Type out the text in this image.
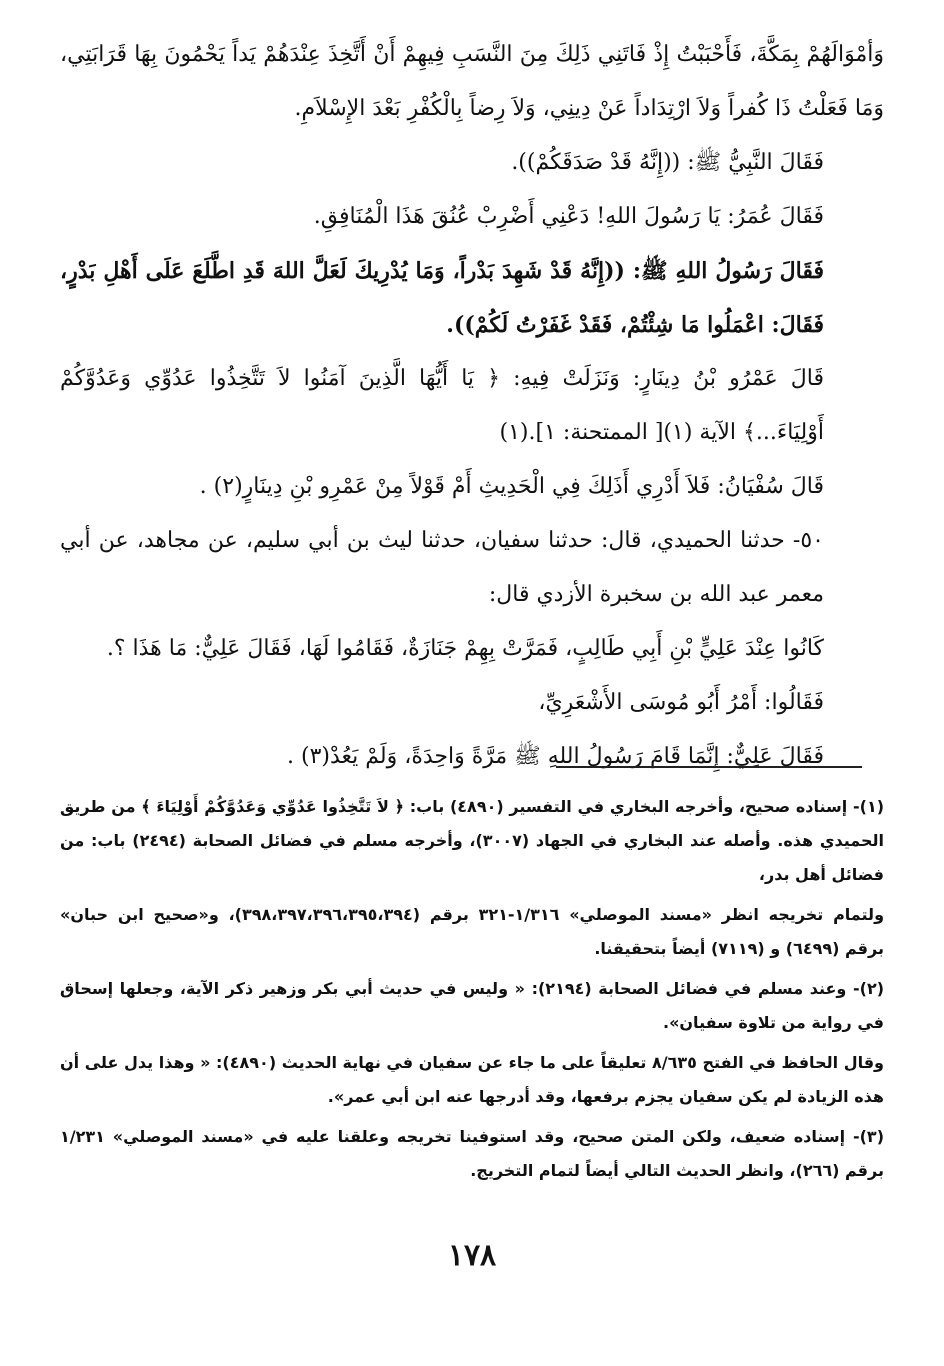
وَأمْوَالَهُمْ بِمَكَّةَ، فَأَحْبَبْتُ إِذْ فَاتَنِي ذَلِكَ مِنَ النَّسَبِ فِيهِمْ أَنْ أَتَّخِذَ عِنْدَهُمْ يَداً يَحْمُونَ بِهَا قَرَابَتِي، وَمَا فَعَلْتُ ذَا كُفراً وَلاَ ارْتِدَاداً عَنْ دِينِي، وَلاَ رِضاً بِالْكُفْرِ بَعْدَ الإِسْلاَمِ.

فَقَالَ النَّبِيُّ ﷺ: ((إِنَّهُ قَدْ صَدَقَكُمْ)).

فَقَالَ عُمَرُ: يَا رَسُولَ اللهِ! دَعْنِي أَضْرِبْ عُنُقَ هَذَا الْمُنَافِقِ.

فَقَالَ رَسُولُ اللهِ ﷺ: ((إِنَّهُ قَدْ شَهِدَ بَدْراً، وَمَا يُدْرِيكَ لَعَلَّ اللهَ قَدِ اطَّلَعَ عَلَى أَهْلِ بَدْرٍ، فَقَالَ: اعْمَلُوا مَا شِئْتُمْ، فَقَدْ غَفَرْتُ لَكُمْ)).

قَالَ عَمْرُو بْنُ دِينَارٍ: وَنَزَلَتْ فِيهِ: ﴿ يَا أَيُّهَا الَّذِينَ آمَنُوا لاَ تَتَّخِذُوا عَدُوِّي وَعَدُوَّكُمْ أَوْلِيَاءَ...﴾ الآية (١)[ الممتحنة: ١].(١)

قَالَ سُفْيَانُ: فَلاَ أَدْرِي أَذَلِكَ فِي الْحَدِيثِ أَمْ قَوْلاً مِنْ عَمْرِو بْنِ دِينَارٍ(٢) .

٥٠- حدثنا الحميدي، قال: حدثنا سفيان، حدثنا ليث بن أبي سليم، عن مجاهد، عن أبي معمر عبد الله بن سخبرة الأزدي قال:

كَانُوا عِنْدَ عَلِيٍّ بْنِ أَبِي طَالِبٍ، فَمَرَّتْ بِهِمْ جَنَازَةٌ، فَقَامُوا لَهَا، فَقَالَ عَلِيٌّ: مَا هَذَا ؟.

فَقَالُوا: أَمْرُ أَبُو مُوسَى الأَشْعَرِيِّ،

فَقَالَ عَلِيٌّ: إِنَّمَا قَامَ رَسُولُ اللهِ ﷺ مَرَّةً وَاحِدَةً، وَلَمْ يَعُدْ(٣) .

(١)- إسناده صحيح، وأخرجه البخاري في التفسير (٤٨٩٠) باب: ﴿ لاَ تَتَّخِذُوا عَدُوِّي وَعَدُوَّكُمْ أَوْلِيَاءَ ﴾ من طريق الحميدي هذه. وأصله عند البخاري في الجهاد (٣٠٠٧)، وأخرجه مسلم في فضائل الصحابة (٢٤٩٤) باب: من فضائل أهل بدر،

ولتمام تخريجه انظر «مسند الموصلي» ١/٣١٦-٣٢١ برقم (٣٩٨،٣٩٧،٣٩٦،٣٩٥،٣٩٤)، و«صحيح ابن حبان» برقم (٦٤٩٩) و (٧١١٩) أيضاً بتحقيقنا.

(٢)- وعند مسلم في فضائل الصحابة (٢١٩٤): « وليس في حديث أبي بكر وزهير ذكر الآية، وجعلها إسحاق في رواية من تلاوة سفيان».

وقال الحافظ في الفتح ٨/٦٣٥ تعليقاً على ما جاء عن سفيان في نهاية الحديث (٤٨٩٠): « وهذا يدل على أن هذه الزيادة لم يكن سفيان يجزم برفعها، وقد أدرجها عنه ابن أبي عمر».

(٣)- إسناده ضعيف، ولكن المتن صحيح، وقد استوفينا تخريجه وعلقنا عليه في «مسند الموصلي» ١/٢٣١ برقم (٢٦٦)، وانظر الحديث التالي أيضاً لتمام التخريج.

١٧٨
